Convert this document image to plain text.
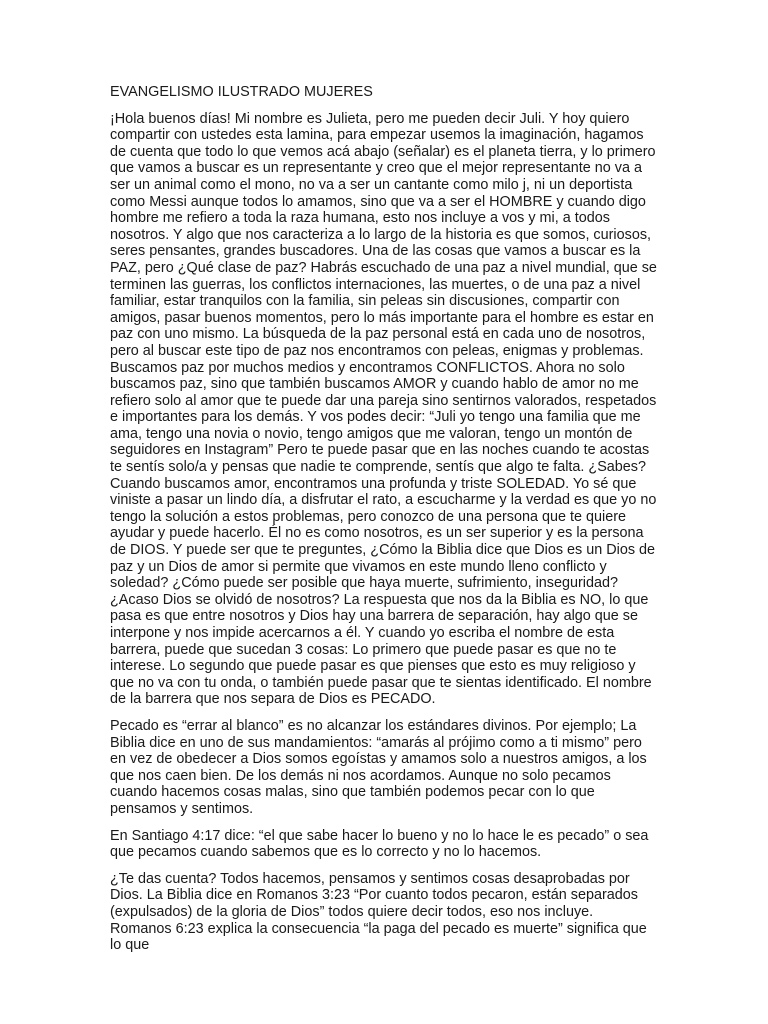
EVANGELISMO ILUSTRADO MUJERES

¡Hola buenos días! Mi nombre es Julieta, pero me pueden decir Juli. Y hoy quiero compartir con ustedes esta lamina, para empezar usemos la imaginación, hagamos de cuenta que todo lo que vemos acá abajo (señalar) es el planeta tierra, y lo primero que vamos a buscar es un representante y creo que el mejor representante no va a ser un animal como el mono, no va a ser un cantante como milo j, ni un deportista como Messi aunque todos lo amamos, sino que va a ser el HOMBRE y cuando digo hombre me refiero a toda la raza humana, esto nos incluye a vos y mi, a todos nosotros. Y algo que nos caracteriza a lo largo de la historia es que somos, curiosos, seres pensantes, grandes buscadores. Una de las cosas que vamos a buscar es la PAZ, pero ¿Qué clase de paz? Habrás escuchado de una paz a nivel mundial, que se terminen las guerras, los conflictos internaciones, las muertes, o de una paz a nivel familiar, estar tranquilos con la familia, sin peleas sin discusiones, compartir con amigos, pasar buenos momentos, pero lo más importante para el hombre es estar en paz con uno mismo. La búsqueda de la paz personal está en cada uno de nosotros, pero al buscar este tipo de paz nos encontramos con peleas, enigmas y problemas. Buscamos paz por muchos medios y encontramos CONFLICTOS. Ahora no solo buscamos paz, sino que también buscamos AMOR y cuando hablo de amor no me refiero solo al amor que te puede dar una pareja sino sentirnos valorados, respetados e importantes para los demás. Y vos podes decir: “Juli yo tengo una familia que me ama, tengo una novia o novio, tengo amigos que me valoran, tengo un montón de seguidores en Instagram” Pero te puede pasar que en las noches cuando te acostas te sentís solo/a y pensas que nadie te comprende, sentís que algo te falta. ¿Sabes? Cuando buscamos amor, encontramos una profunda y triste SOLEDAD. Yo sé que viniste a pasar un lindo día, a disfrutar el rato, a escucharme y la verdad es que yo no tengo la solución a estos problemas, pero conozco de una persona que te quiere ayudar y puede hacerlo. Él no es como nosotros, es un ser superior y es la persona de DIOS. Y puede ser que te preguntes, ¿Cómo la Biblia dice que Dios es un Dios de paz y un Dios de amor si permite que vivamos en este mundo lleno conflicto y soledad? ¿Cómo puede ser posible que haya muerte, sufrimiento, inseguridad? ¿Acaso Dios se olvidó de nosotros? La respuesta que nos da la Biblia es NO, lo que pasa es que entre nosotros y Dios hay una barrera de separación, hay algo que se interpone y nos impide acercarnos a él. Y cuando yo escriba el nombre de esta barrera, puede que sucedan 3 cosas: Lo primero que puede pasar es que no te interese. Lo segundo que puede pasar es que pienses que esto es muy religioso y que no va con tu onda, o también puede pasar que te sientas identificado. El nombre de la barrera que nos separa de Dios es PECADO.

Pecado es “errar al blanco” es no alcanzar los estándares divinos. Por ejemplo; La Biblia dice en uno de sus mandamientos: “amarás al prójimo como a ti mismo” pero en vez de obedecer a Dios somos egoístas y amamos solo a nuestros amigos, a los que nos caen bien. De los demás ni nos acordamos. Aunque no solo pecamos cuando hacemos cosas malas, sino que también podemos pecar con lo que pensamos y sentimos.

En Santiago 4:17 dice: “el que sabe hacer lo bueno y no lo hace le es pecado” o sea que pecamos cuando sabemos que es lo correcto y no lo hacemos.

¿Te das cuenta? Todos hacemos, pensamos y sentimos cosas desaprobadas por Dios. La Biblia dice en Romanos 3:23 “Por cuanto todos pecaron, están separados (expulsados) de la gloria de Dios” todos quiere decir todos, eso nos incluye. Romanos 6:23 explica la consecuencia “la paga del pecado es muerte” significa que lo que
